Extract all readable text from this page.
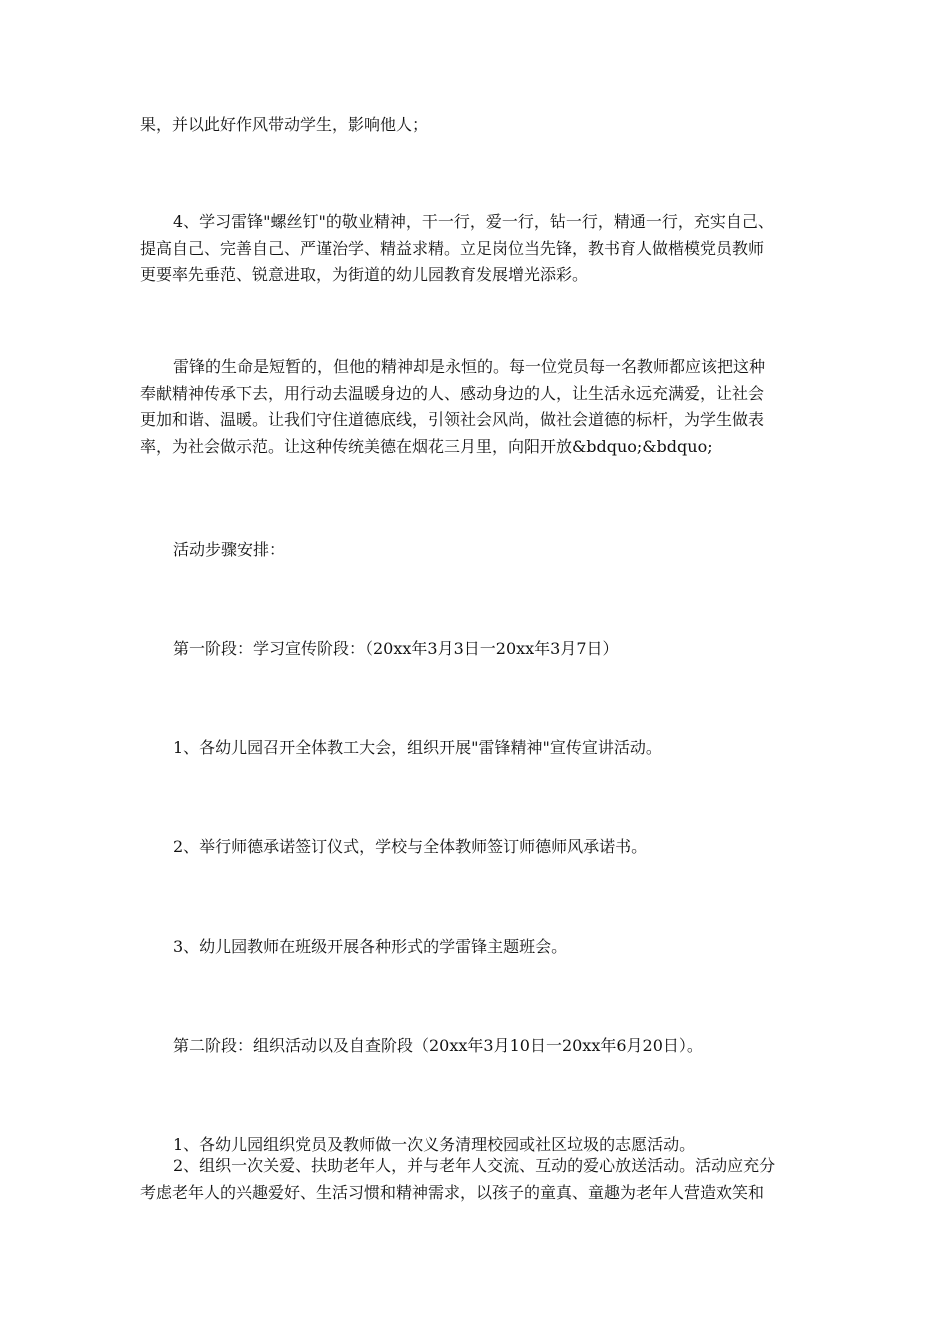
果，并以此好作风带动学生，影响他人；

4、学习雷锋"螺丝钉"的敬业精神，干一行，爱一行，钻一行，精通一行，充实自己、
提高自己、完善自己、严谨治学、精益求精。立足岗位当先锋，教书育人做楷模党员教师
更要率先垂范、锐意进取，为街道的幼儿园教育发展增光添彩。

雷锋的生命是短暂的，但他的精神却是永恒的。每一位党员每一名教师都应该把这种
奉献精神传承下去，用行动去温暖身边的人、感动身边的人，让生活永远充满爱，让社会
更加和谐、温暖。让我们守住道德底线，引领社会风尚，做社会道德的标杆，为学生做表
率，为社会做示范。让这种传统美德在烟花三月里，向阳开放&bdquo;&bdquo;

活动步骤安排：

第一阶段：学习宣传阶段：（20xx年3月3日一20xx年3月7日）

1、各幼儿园召开全体教工大会，组织开展"雷锋精神"宣传宣讲活动。

2、举行师德承诺签订仪式，学校与全体教师签订师德师风承诺书。

3、幼儿园教师在班级开展各种形式的学雷锋主题班会。

第二阶段：组织活动以及自查阶段（20xx年3月10日一20xx年6月20日）。

1、各幼儿园组织党员及教师做一次义务清理校园或社区垃圾的志愿活动。

2、组织一次关爱、扶助老年人，并与老年人交流、互动的爱心放送活动。活动应充分
考虑老年人的兴趣爱好、生活习惯和精神需求，以孩子的童真、童趣为老年人营造欢笑和
